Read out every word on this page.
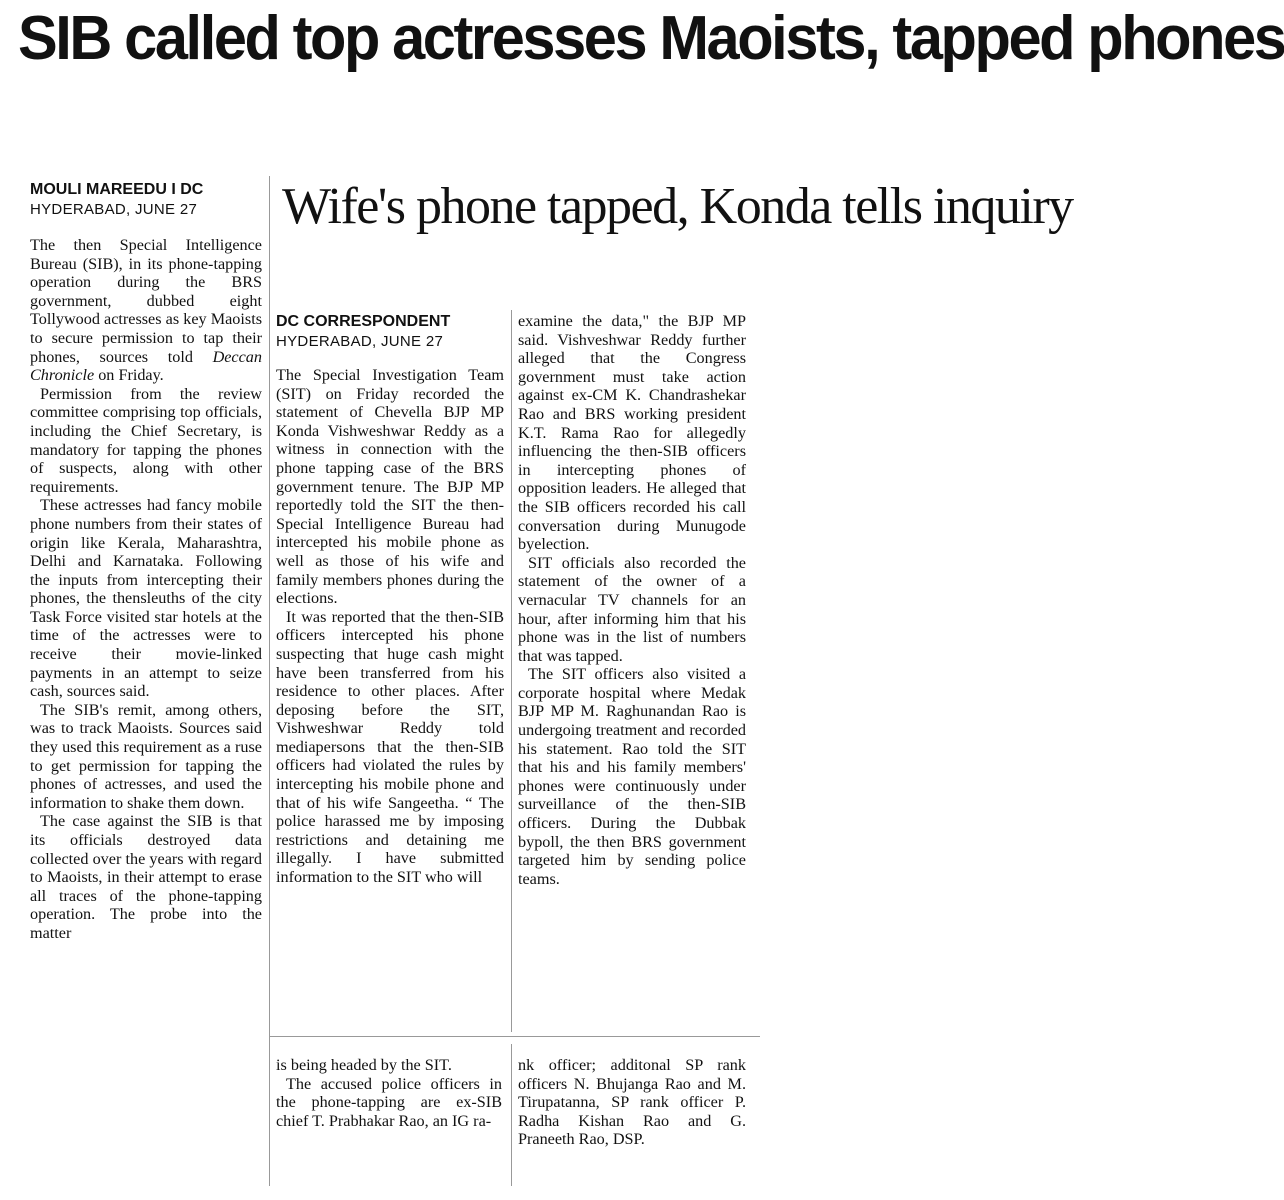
SIB called top actresses Maoists, tapped phones
MOULI MAREEDU I DC
HYDERABAD, JUNE 27

The then Special Intelligence Bureau (SIB), in its phone-tapping operation during the BRS government, dubbed eight Tollywood actresses as key Maoists to secure permission to tap their phones, sources told Deccan Chronicle on Friday.

Permission from the review committee comprising top officials, including the Chief Secretary, is mandatory for tapping the phones of suspects, along with other requirements.

These actresses had fancy mobile phone numbers from their states of origin like Kerala, Maharashtra, Delhi and Karnataka. Following the inputs from intercepting their phones, the thensleuths of the city Task Force visited star hotels at the time of the actresses were to receive their movie-linked payments in an attempt to seize cash, sources said.

The SIB's remit, among others, was to track Maoists. Sources said they used this requirement as a ruse to get permission for tapping the phones of actresses, and used the information to shake them down.

The case against the SIB is that its officials destroyed data collected over the years with regard to Maoists, in their attempt to erase all traces of the phone-tapping operation. The probe into the matter

Wife's phone tapped, Konda tells inquiry
DC CORRESPONDENT
HYDERABAD, JUNE 27

The Special Investigation Team (SIT) on Friday recorded the statement of Chevella BJP MP Konda Vishweshwar Reddy as a witness in connection with the phone tapping case of the BRS government tenure. The BJP MP reportedly told the SIT the then-Special Intelligence Bureau had intercepted his mobile phone as well as those of his wife and family members phones during the elections.

It was reported that the then-SIB officers intercepted his phone suspecting that huge cash might have been transferred from his residence to other places. After deposing before the SIT, Vishweshwar Reddy told mediapersons that the then-SIB officers had violated the rules by intercepting his mobile phone and that of his wife Sangeetha. “ The police harassed me by imposing restrictions and detaining me illegally. I have submitted information to the SIT who will

examine the data," the BJP MP said. Vishveshwar Reddy further alleged that the Congress government must take action against ex-CM K. Chandrashekar Rao and BRS working president K.T. Rama Rao for allegedly influencing the then-SIB officers in intercepting phones of opposition leaders. He alleged that the SIB officers recorded his call conversation during Munugode byelection.

SIT officials also recorded the statement of the owner of a vernacular TV channels for an hour, after informing him that his phone was in the list of numbers that was tapped.

The SIT officers also visited a corporate hospital where Medak BJP MP M. Raghunandan Rao is undergoing treatment and recorded his statement. Rao told the SIT that his and his family members' phones were continuously under surveillance of the then-SIB officers. During the Dubbak bypoll, the then BRS government targeted him by sending police teams.

is being headed by the SIT.

The accused police officers in the phone-tapping are ex-SIB chief T. Prabhakar Rao, an IG ra-

nk officer; additonal SP rank officers N. Bhujanga Rao and M. Tirupatanna, SP rank officer P. Radha Kishan Rao and G. Praneeth Rao, DSP.
